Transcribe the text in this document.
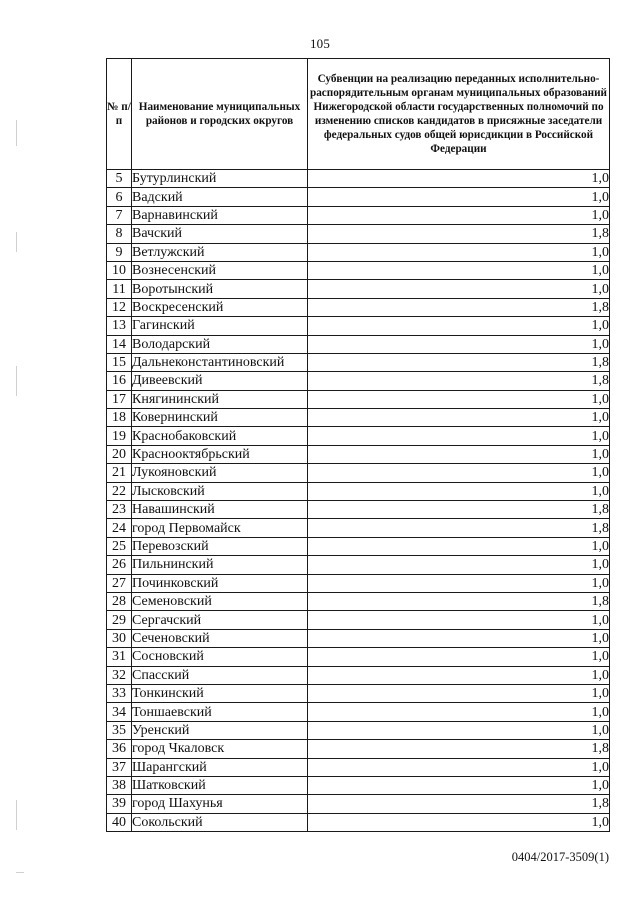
105
№ п/п	Наименование муниципальных районов и городских округов	Субвенции на реализацию переданных исполнительно-распорядительным органам муниципальных образований Нижегородской области государственных полномочий по изменению списков кандидатов в присяжные заседатели федеральных судов общей юрисдикции в Российской Федерации
5	Бутурлинский	1,0
6	Вадский	1,0
7	Варнавинский	1,0
8	Вачский	1,8
9	Ветлужский	1,0
10	Вознесенский	1,0
11	Воротынский	1,0
12	Воскресенский	1,8
13	Гагинский	1,0
14	Володарский	1,0
15	Дальнеконстантиновский	1,8
16	Дивеевский	1,8
17	Княгининский	1,0
18	Ковернинский	1,0
19	Краснобаковский	1,0
20	Краснооктябрьский	1,0
21	Лукояновский	1,0
22	Лысковский	1,0
23	Навашинский	1,8
24	город Первомайск	1,8
25	Перевозский	1,0
26	Пильнинский	1,0
27	Починковский	1,0
28	Семеновский	1,8
29	Сергачский	1,0
30	Сеченовский	1,0
31	Сосновский	1,0
32	Спасский	1,0
33	Тонкинский	1,0
34	Тоншаевский	1,0
35	Уренский	1,0
36	город Чкаловск	1,8
37	Шарангский	1,0
38	Шатковский	1,0
39	город Шахунья	1,8
40	Сокольский	1,0
0404/2017-3509(1)
